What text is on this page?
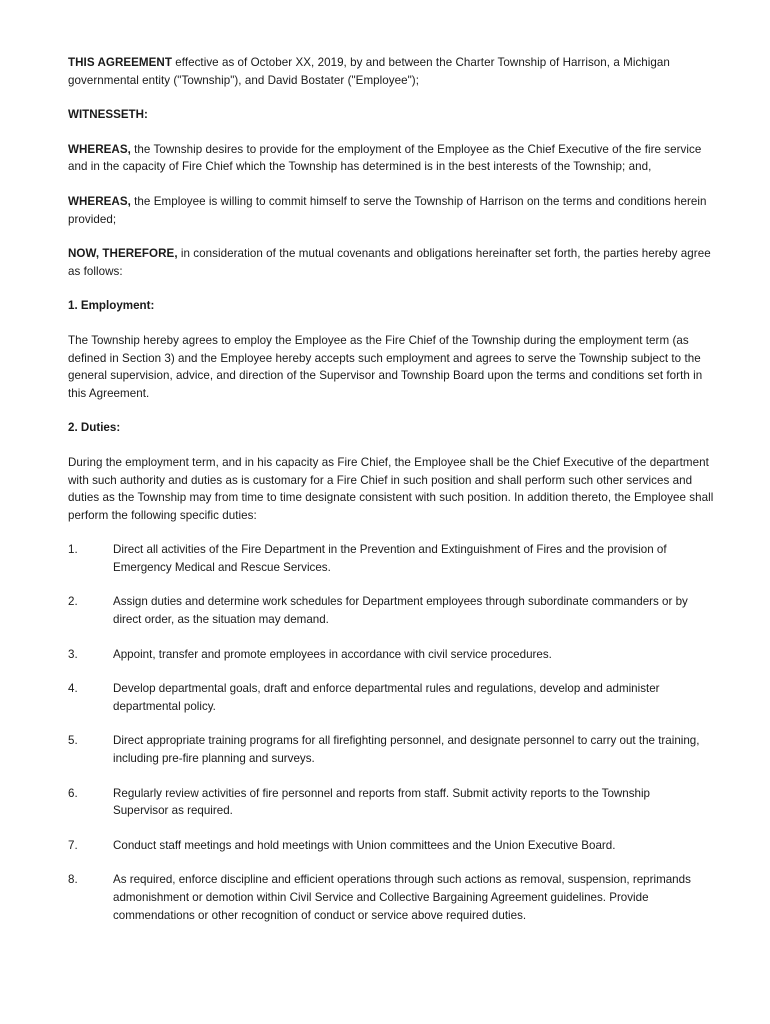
THIS AGREEMENT effective as of October XX, 2019, by and between the Charter Township of Harrison, a Michigan governmental entity ("Township"), and David Bostater ("Employee");

WITNESSETH:

WHEREAS, the Township desires to provide for the employment of the Employee as the Chief Executive of the fire service and in the capacity of Fire Chief which the Township has determined is in the best interests of the Township; and,

WHEREAS, the Employee is willing to commit himself to serve the Township of Harrison on the terms and conditions herein provided;

NOW, THEREFORE, in consideration of the mutual covenants and obligations hereinafter set forth, the parties hereby agree as follows:

1. Employment:

The Township hereby agrees to employ the Employee as the Fire Chief of the Township during the employment term (as defined in Section 3) and the Employee hereby accepts such employment and agrees to serve the Township subject to the general supervision, advice, and direction of the Supervisor and Township Board upon the terms and conditions set forth in this Agreement.

2. Duties:

During the employment term, and in his capacity as Fire Chief, the Employee shall be the Chief Executive of the department with such authority and duties as is customary for a Fire Chief in such position and shall perform such other services and duties as the Township may from time to time designate consistent with such position. In addition thereto, the Employee shall perform the following specific duties:

1.	Direct all activities of the Fire Department in the Prevention and Extinguishment of Fires and the provision of Emergency Medical and Rescue Services.
2.	Assign duties and determine work schedules for Department employees through subordinate commanders or by direct order, as the situation may demand.
3.	Appoint, transfer and promote employees in accordance with civil service procedures.
4.	Develop departmental goals, draft and enforce departmental rules and regulations, develop and administer departmental policy.
5.	Direct appropriate training programs for all firefighting personnel, and designate personnel to carry out the training, including pre-fire planning and surveys.
6.	Regularly review activities of fire personnel and reports from staff. Submit activity reports to the Township Supervisor as required.
7.	Conduct staff meetings and hold meetings with Union committees and the Union Executive Board.
8.	As required, enforce discipline and efficient operations through such actions as removal, suspension, reprimands admonishment or demotion within Civil Service and Collective Bargaining Agreement guidelines. Provide commendations or other recognition of conduct or service above required duties.
